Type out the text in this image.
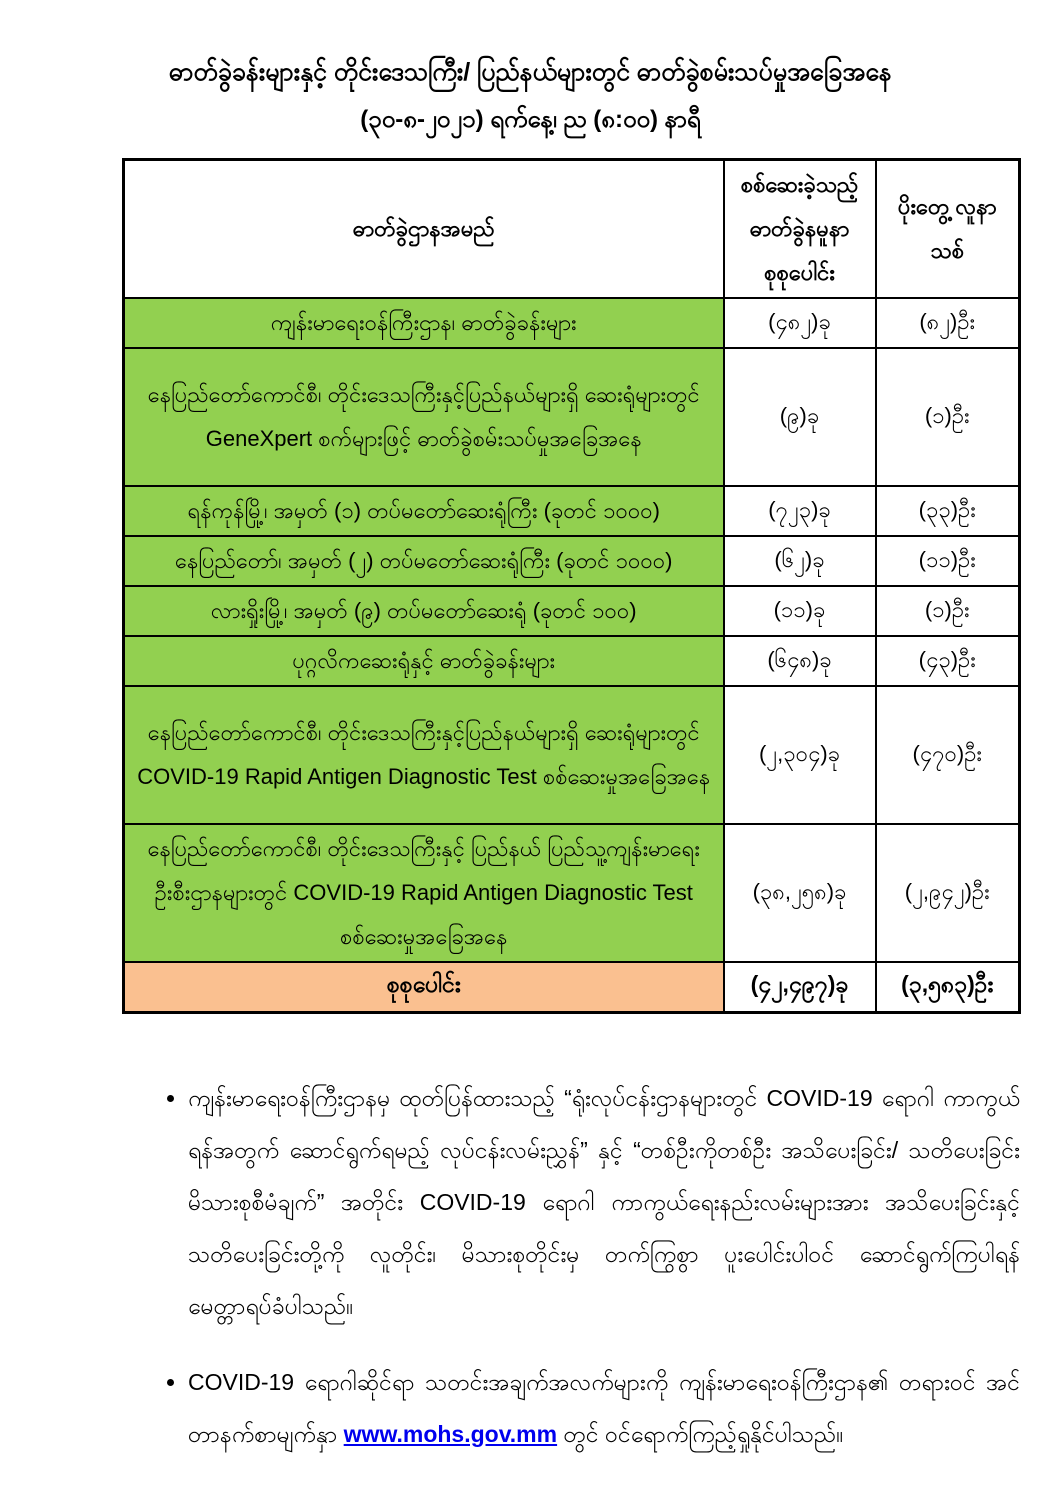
ဓာတ်ခွဲခန်းများနှင့် တိုင်းဒေသကြီး/ ပြည်နယ်များတွင် ဓာတ်ခွဲစမ်းသပ်မှုအခြေအနေ
(၃၀-၈-၂၀၂၁) ရက်နေ့၊ ည (၈:၀၀) နာရီ
ဓာတ်ခွဲဌာနအမည်	စစ်ဆေးခဲ့သည့် ဓာတ်ခွဲနမူနာ စုစုပေါင်း	ပိုးတွေ့ လူနာသစ်
ကျန်းမာရေးဝန်ကြီးဌာန၊ ဓာတ်ခွဲခန်းများ	(၄၈၂)ခု	(၈၂)ဦး
နေပြည်တော်ကောင်စီ၊ တိုင်းဒေသကြီးနှင့်ပြည်နယ်များရှိ ဆေးရုံများတွင် GeneXpert စက်များဖြင့် ဓာတ်ခွဲစမ်းသပ်မှုအခြေအနေ	(၉)ခု	(၁)ဦး
ရန်ကုန်မြို့၊ အမှတ် (၁) တပ်မတော်ဆေးရုံကြီး (ခုတင် ၁၀၀၀)	(၇၂၃)ခု	(၃၃)ဦး
နေပြည်တော်၊ အမှတ် (၂) တပ်မတော်ဆေးရုံကြီး (ခုတင် ၁၀၀၀)	(၆၂)ခု	(၁၁)ဦး
လားရှိုးမြို့၊ အမှတ် (၉) တပ်မတော်ဆေးရုံ (ခုတင် ၁၀၀)	(၁၁)ခု	(၁)ဦး
ပုဂ္ဂလိကဆေးရုံနှင့် ဓာတ်ခွဲခန်းများ	(၆၄၈)ခု	(၄၃)ဦး
နေပြည်တော်ကောင်စီ၊ တိုင်းဒေသကြီးနှင့်ပြည်နယ်များရှိ ဆေးရုံများတွင် COVID-19 Rapid Antigen Diagnostic Test စစ်ဆေးမှုအခြေအနေ	(၂,၃၀၄)ခု	(၄၇၀)ဦး
နေပြည်တော်ကောင်စီ၊ တိုင်းဒေသကြီးနှင့် ပြည်နယ် ပြည်သူ့ကျန်းမာရေးဦးစီးဌာနများတွင် COVID-19 Rapid Antigen Diagnostic Test စစ်ဆေးမှုအခြေအနေ	(၃၈,၂၅၈)ခု	(၂,၉၄၂)ဦး
စုစုပေါင်း	(၄၂,၄၉၇)ခု	(၃,၅၈၃)ဦး
• ကျန်းမာရေးဝန်ကြီးဌာနမှ ထုတ်ပြန်ထားသည့် “ရုံးလုပ်ငန်းဌာနများတွင် COVID-19 ရောဂါ ကာကွယ်ရန်အတွက် ဆောင်ရွက်ရမည့် လုပ်ငန်းလမ်းညွှန်” နှင့် “တစ်ဦးကိုတစ်ဦး အသိပေးခြင်း/ သတိပေးခြင်း မိသားစုစီမံချက်” အတိုင်း COVID-19 ရောဂါ ကာကွယ်ရေးနည်းလမ်းများအား အသိပေးခြင်းနှင့် သတိပေးခြင်းတို့ကို လူတိုင်း၊ မိသားစုတိုင်းမှ တက်ကြွစွာ ပူးပေါင်းပါဝင် ဆောင်ရွက်ကြပါရန် မေတ္တာရပ်ခံပါသည်။
• COVID-19 ရောဂါဆိုင်ရာ သတင်းအချက်အလက်များကို ကျန်းမာရေးဝန်ကြီးဌာန၏ တရားဝင် အင်တာနက်စာမျက်နှာ www.mohs.gov.mm တွင် ဝင်ရောက်ကြည့်ရှုနိုင်ပါသည်။
